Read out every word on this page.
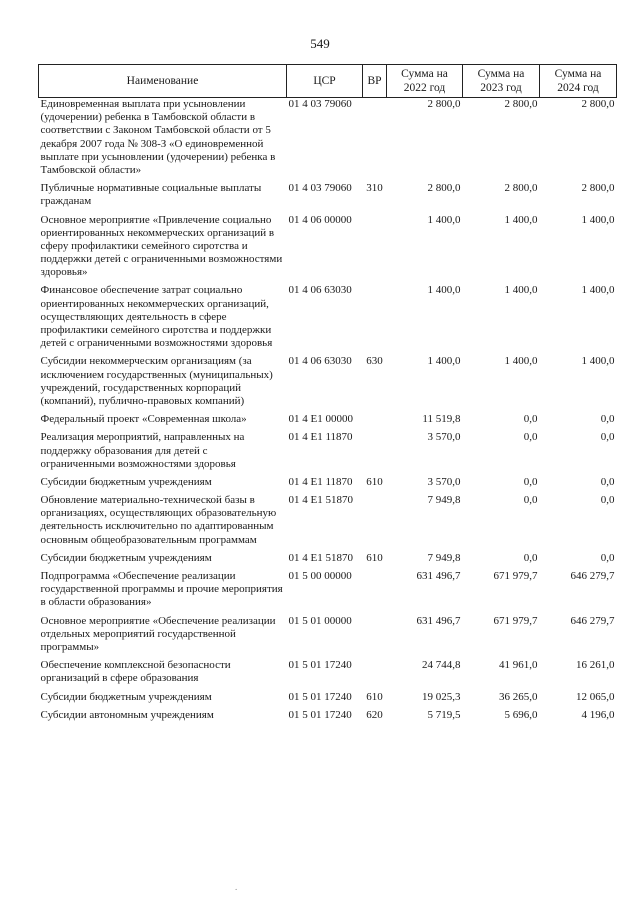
549
Наименование	ЦСР	ВР	Сумма на 2022 год	Сумма на 2023 год	Сумма на 2024 год
Единовременная выплата при усыновлении (удочерении) ребенка в Тамбовской области в соответствии с Законом Тамбовской области от 5 декабря 2007 года № 308-З «О единовременной выплате при усыновлении (удочерении) ребенка в Тамбовской области»	01 4 03 79060		2 800,0	2 800,0	2 800,0
Публичные нормативные социальные выплаты гражданам	01 4 03 79060	310	2 800,0	2 800,0	2 800,0
Основное мероприятие «Привлечение социально ориентированных некоммерческих организаций в сферу профилактики семейного сиротства и поддержки детей с ограниченными возможностями здоровья»	01 4 06 00000		1 400,0	1 400,0	1 400,0
Финансовое обеспечение затрат социально ориентированных некоммерческих организаций, осуществляющих деятельность в сфере профилактики семейного сиротства и поддержки детей с ограниченными возможностями здоровья	01 4 06 63030		1 400,0	1 400,0	1 400,0
Субсидии некоммерческим организациям (за исключением государственных (муниципальных) учреждений, государственных корпораций (компаний), публично-правовых компаний)	01 4 06 63030	630	1 400,0	1 400,0	1 400,0
Федеральный проект «Современная школа»	01 4 E1 00000		11 519,8	0,0	0,0
Реализация мероприятий, направленных на поддержку образования для детей с ограниченными возможностями здоровья	01 4 E1 11870		3 570,0	0,0	0,0
Субсидии бюджетным учреждениям	01 4 E1 11870	610	3 570,0	0,0	0,0
Обновление материально-технической базы в организациях, осуществляющих образовательную деятельность исключительно по адаптированным основным общеобразовательным программам	01 4 E1 51870		7 949,8	0,0	0,0
Субсидии бюджетным учреждениям	01 4 E1 51870	610	7 949,8	0,0	0,0
Подпрограмма «Обеспечение реализации государственной программы и прочие мероприятия в области образования»	01 5 00 00000		631 496,7	671 979,7	646 279,7
Основное мероприятие «Обеспечение реализации отдельных мероприятий государственной программы»	01 5 01 00000		631 496,7	671 979,7	646 279,7
Обеспечение комплексной безопасности организаций в сфере образования	01 5 01 17240		24 744,8	41 961,0	16 261,0
Субсидии бюджетным учреждениям	01 5 01 17240	610	19 025,3	36 265,0	12 065,0
Субсидии автономным учреждениям	01 5 01 17240	620	5 719,5	5 696,0	4 196,0
.
